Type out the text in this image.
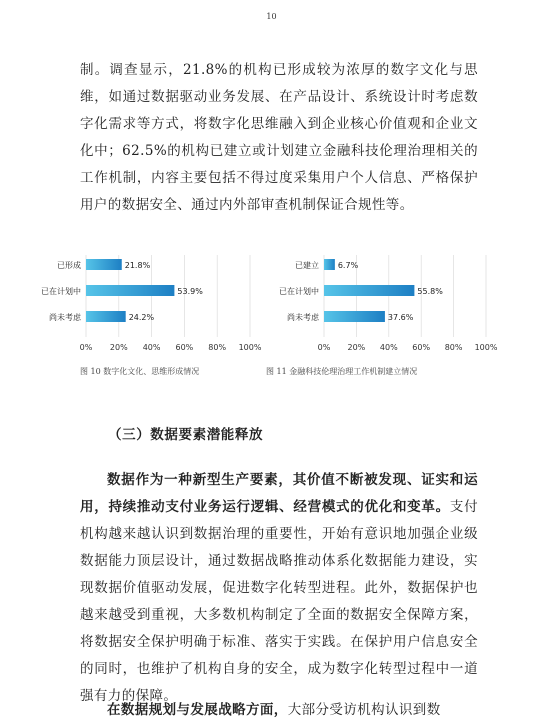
10
制。调查显示，21.8%的机构已形成较为浓厚的数字文化与思维，如通过数据驱动业务发展、在产品设计、系统设计时考虑数字化需求等方式，将数字化思维融入到企业核心价值观和企业文化中；62.5%的机构已建立或计划建立金融科技伦理治理相关的工作机制，内容主要包括不得过度采集用户个人信息、严格保护用户的数据安全、通过内外部审查机制保证合规性等。
0% 20% 40% 60% 80% 100%
已形成	21.8%
已在计划中	53.9%
尚未考虑	24.2%
0% 20% 40% 60% 80% 100%
已建立 6.7%
已在计划中	55.8%
尚未考虑	37.6%
图 10 数字化文化、思维形成情况	图 11 金融科技伦理治理工作机制建立情况
（三）数据要素潜能释放
数据作为一种新型生产要素，其价值不断被发现、证实和运用，持续推动支付业务运行逻辑、经营模式的优化和变革。支付机构越来越认识到数据治理的重要性，开始有意识地加强企业级数据能力顶层设计，通过数据战略推动体系化数据能力建设，实现数据价值驱动发展，促进数字化转型进程。此外，数据保护也越来越受到重视，大多数机构制定了全面的数据安全保障方案，将数据安全保护明确于标准、落实于实践。在保护用户信息安全的同时，也维护了机构自身的安全，成为数字化转型过程中一道强有力的保障。
在数据规划与发展战略方面，大部分受访机构认识到数
